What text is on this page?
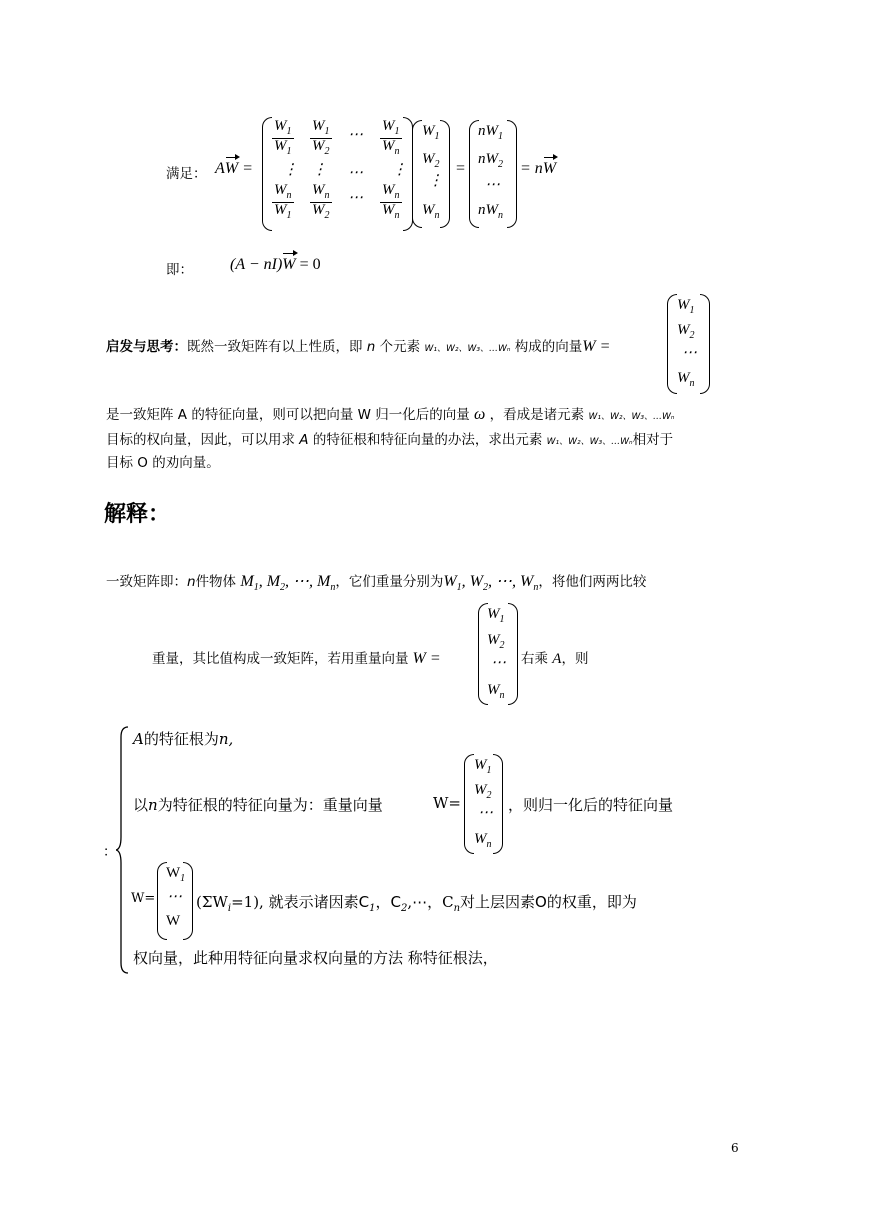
满足： AW =
$\frac{W_1}{W_1} \frac{W_1}{W_2}$ ⋯ $\frac{W_1}{W_n}$
⋮ ⋮ ⋯ ⋮
$\frac{W_n}{W_1} \frac{W_n}{W_2}$ ⋯ $\frac{W_n}{W_n}$
$W_1$
$W_2$
⋮
$W_n$
=
$nW_1$
$nW_2$
⋯
$nW_n$
= nW
即： (A − nI)W = 0
启发与思考：既然一致矩阵有以上性质，即 n 个元素 W₁、W₂、W₃、…Wₙ 构成的向量W =
$W_1$
$W_2$
⋯
$W_n$
是一致矩阵 A 的特征向量，则可以把向量 W 归一化后的向量 ω ，看成是诸元素 W₁、W₂、W₃、…Wₙ
目标的权向量，因此，可以用求 A 的特征根和特征向量的办法，求出元素 W₁、W₂、W₃、…Wₙ相对于
目标 O 的劝向量。
解释：
一致矩阵即：n件物体 $M_1$, $M_2$, ⋯, $M_n$，它们重量分别为$W_1$, $W_2$, ⋯, $W_n$，将他们两两比较
重量，其比值构成一致矩阵，若用重量向量 W =
$W_1$
$W_2$
⋯
$W_n$
右乘 A，则
：
A的特征根为n,
以n为特征根的特征向量为：重量向量	W=
$W_1$
$W_2$
⋯
$W_n$
，则归一化后的特征向量
W=
$W_1$
⋯
W
$(\Sigma W_i=1)$, 就表示诸因素$C_1$，$C_2,\cdots$，$C_n$对上层因素O的权重，即为
权向量，此种用特征向量求权向量的方法 称特征根法，
6
